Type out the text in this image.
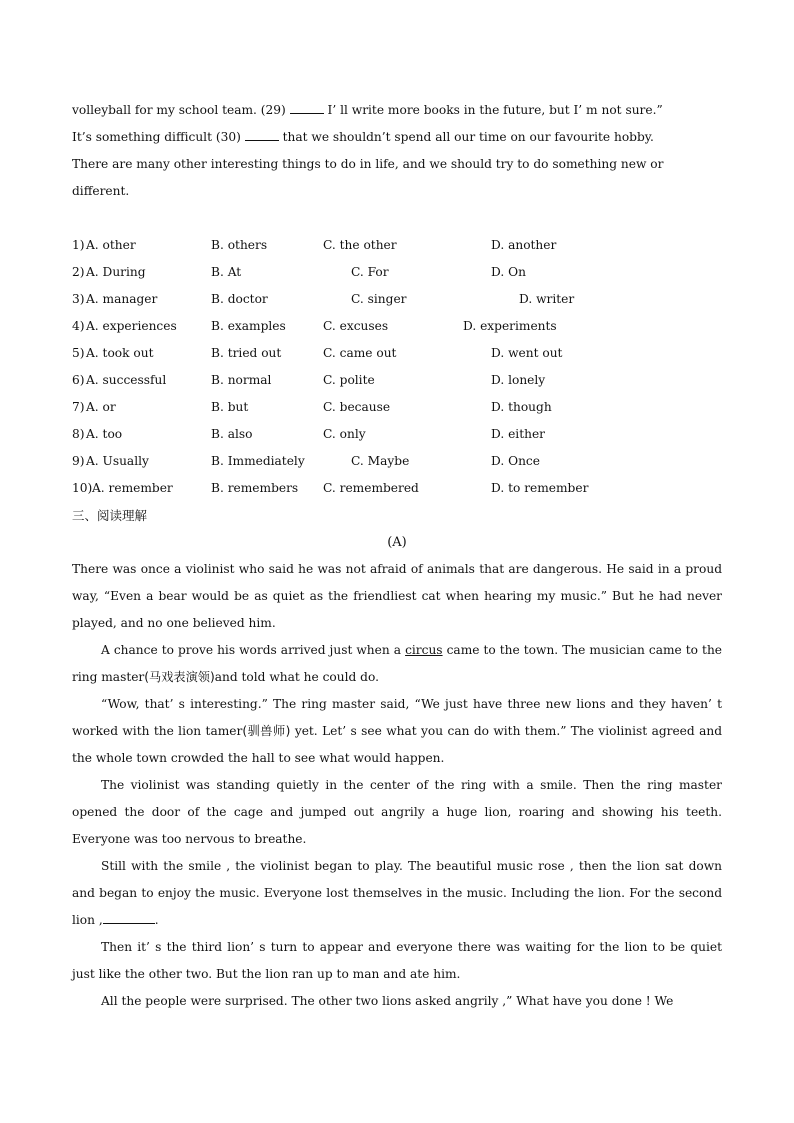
volleyball for my school team. (29)	I’ ll write more books in the future, but I’ m not sure.”

It’s something difficult (30)	that we shouldn’t spend all our time on our favourite hobby.

There are many other interesting things to do in life, and we should try to do something new or

different.

1) A. other	B. others	C. the other	D. another
2) A. During	B. At	C. For	D. On
3) A. manager	B. doctor	C. singer	D. writer
4) A. experiences	B. examples	C. excuses	D. experiments
5) A. took out	B. tried out	C. came out	D. went out
6) A. successful	B. normal	C. polite	D. lonely
7) A. or	B. but	C. because	D. though
8) A. too	B. also	C. only	D. either
9) A. Usually	B. Immediately	C. Maybe	D. Once
10) A. remember	B. remembers C. remembered	D. to remember

三、阅读理解

(A)

There was once a violinist who said he was not afraid of animals that are dangerous. He said in a proud way, “Even a bear would be as quiet as the friendliest cat when hearing my music.” But he had never played, and no one believed him.

A chance to prove his words arrived just when a circus came to the town. The musician came to the ring master(马戏表演领)and told what he could do.

“Wow, that’ s interesting.” The ring master said, “We just have three new lions and they haven’ t worked with the lion tamer(驯兽师) yet. Let’ s see what you can do with them.” The violinist agreed and the whole town crowded the hall to see what would happen.

The violinist was standing quietly in the center of the ring with a smile. Then the ring master opened the door of the cage and jumped out angrily a huge lion, roaring and showing his teeth. Everyone was too nervous to breathe.

Still with the smile , the violinist began to play. The beautiful music rose , then the lion sat down and began to enjoy the music. Everyone lost themselves in the music. Including the lion. For the second lion ,	.

Then it’ s the third lion’ s turn to appear and everyone there was waiting for the lion to be quiet just like the other two. But the lion ran up to man and ate him.

All the people were surprised. The other two lions asked angrily ,” What have you done ! We
